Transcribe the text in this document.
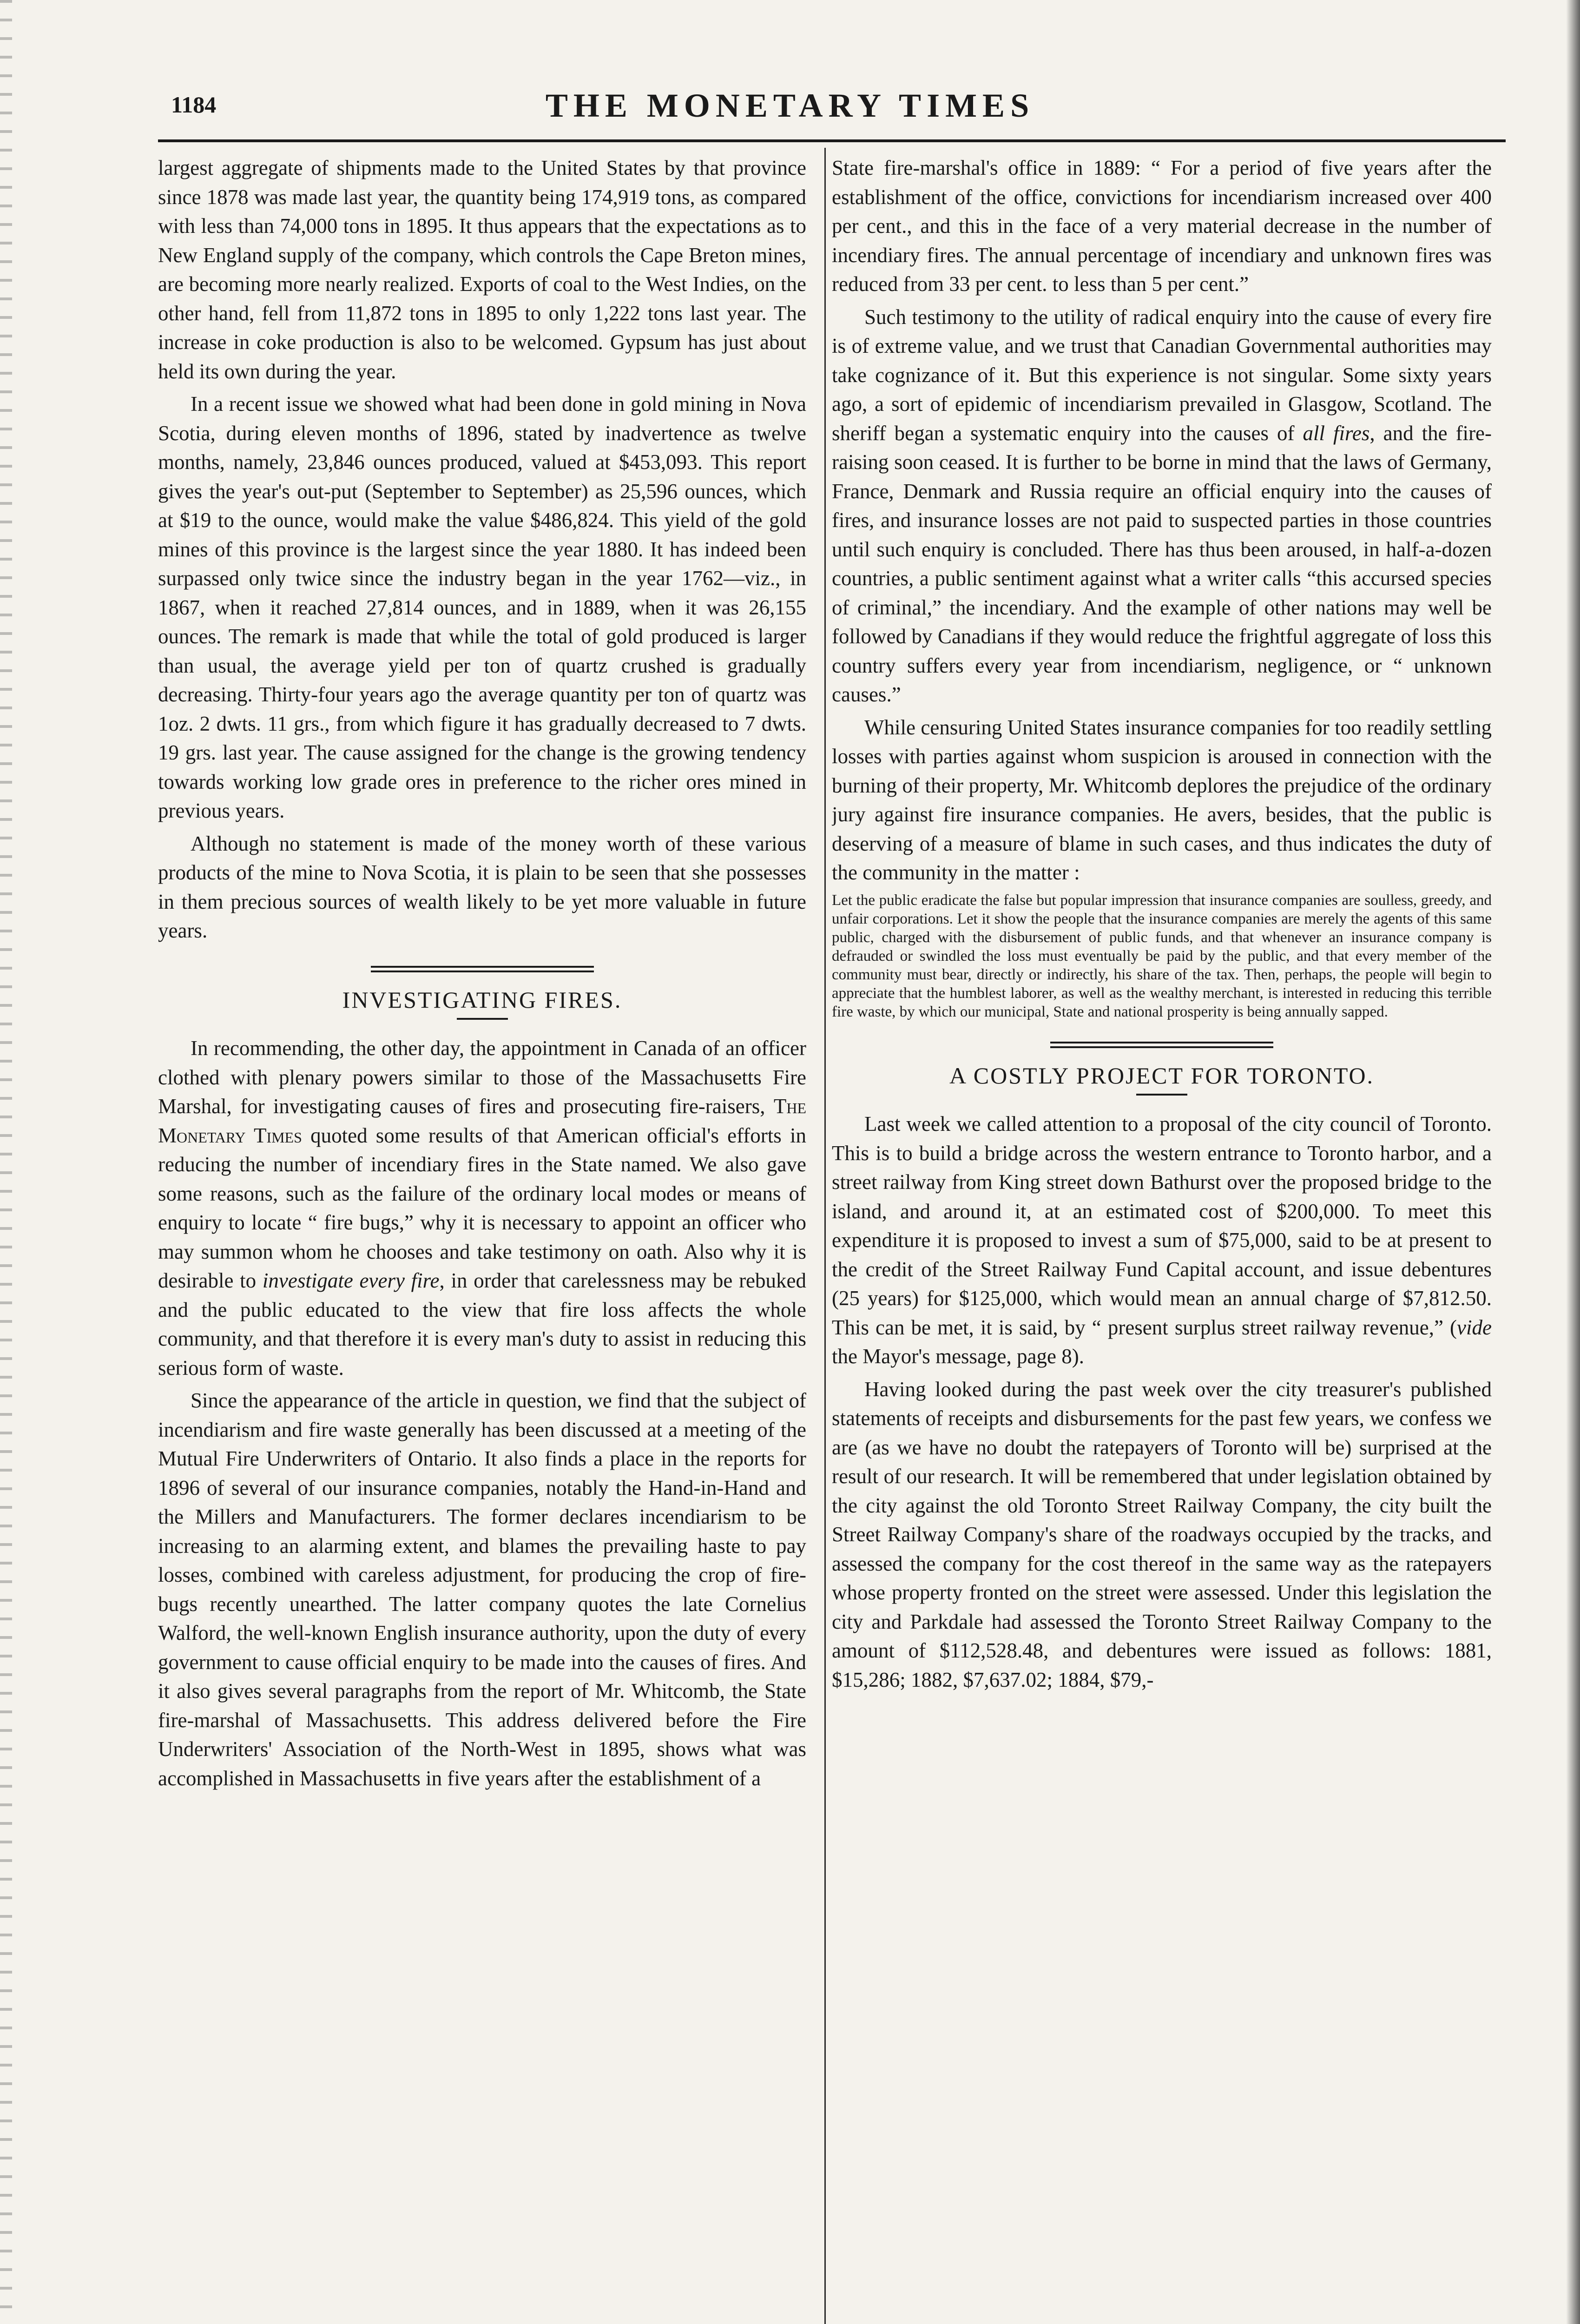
1184	THE MONETARY TIMES

largest aggregate of shipments made to the United States by that province since 1878 was made last year, the quantity being 174,919 tons, as compared with less than 74,000 tons in 1895. It thus appears that the expectations as to New England supply of the company, which controls the Cape Breton mines, are becoming more nearly realized. Exports of coal to the West Indies, on the other hand, fell from 11,872 tons in 1895 to only 1,222 tons last year. The increase in coke production is also to be welcomed. Gypsum has just about held its own during the year.

In a recent issue we showed what had been done in gold mining in Nova Scotia, during eleven months of 1896, stated by inadvertence as twelve months, namely, 23,846 ounces produced, valued at $453,093. This report gives the year's out-put (September to September) as 25,596 ounces, which at $19 to the ounce, would make the value $486,824. This yield of the gold mines of this province is the largest since the year 1880. It has indeed been surpassed only twice since the industry began in the year 1762—viz., in 1867, when it reached 27,814 ounces, and in 1889, when it was 26,155 ounces. The remark is made that while the total of gold produced is larger than usual, the average yield per ton of quartz crushed is gradually decreasing. Thirty-four years ago the average quantity per ton of quartz was 1oz. 2 dwts. 11 grs., from which figure it has gradually decreased to 7 dwts. 19 grs. last year. The cause assigned for the change is the growing tendency towards working low grade ores in preference to the richer ores mined in previous years.

Although no statement is made of the money worth of these various products of the mine to Nova Scotia, it is plain to be seen that she possesses in them precious sources of wealth likely to be yet more valuable in future years.

INVESTIGATING FIRES.

In recommending, the other day, the appointment in Canada of an officer clothed with plenary powers similar to those of the Massachusetts Fire Marshal, for investigating causes of fires and prosecuting fire-raisers, The Monetary Times quoted some results of that American official's efforts in reducing the number of incendiary fires in the State named. We also gave some reasons, such as the failure of the ordinary local modes or means of enquiry to locate “ fire bugs,” why it is necessary to appoint an officer who may summon whom he chooses and take testimony on oath. Also why it is desirable to investigate every fire, in order that carelessness may be rebuked and the public educated to the view that fire loss affects the whole community, and that therefore it is every man's duty to assist in reducing this serious form of waste.

Since the appearance of the article in question, we find that the subject of incendiarism and fire waste generally has been discussed at a meeting of the Mutual Fire Underwriters of Ontario. It also finds a place in the reports for 1896 of several of our insurance companies, notably the Hand-in-Hand and the Millers and Manufacturers. The former declares incendiarism to be increasing to an alarming extent, and blames the prevailing haste to pay losses, combined with careless adjustment, for producing the crop of fire-bugs recently unearthed. The latter company quotes the late Cornelius Walford, the well-known English insurance authority, upon the duty of every government to cause official enquiry to be made into the causes of fires. And it also gives several paragraphs from the report of Mr. Whitcomb, the State fire-marshal of Massachusetts. This address delivered before the Fire Underwriters' Association of the North-West in 1895, shows what was accomplished in Massachusetts in five years after the establishment of a

State fire-marshal's office in 1889: “ For a period of five years after the establishment of the office, convictions for incendiarism increased over 400 per cent., and this in the face of a very material decrease in the number of incendiary fires. The annual percentage of incendiary and unknown fires was reduced from 33 per cent. to less than 5 per cent.”

Such testimony to the utility of radical enquiry into the cause of every fire is of extreme value, and we trust that Canadian Governmental authorities may take cognizance of it. But this experience is not singular. Some sixty years ago, a sort of epidemic of incendiarism prevailed in Glasgow, Scotland. The sheriff began a systematic enquiry into the causes of all fires, and the fire-raising soon ceased. It is further to be borne in mind that the laws of Germany, France, Denmark and Russia require an official enquiry into the causes of fires, and insurance losses are not paid to suspected parties in those countries until such enquiry is concluded. There has thus been aroused, in half-a-dozen countries, a public sentiment against what a writer calls “this accursed species of criminal,” the incendiary. And the example of other nations may well be followed by Canadians if they would reduce the frightful aggregate of loss this country suffers every year from incendiarism, negligence, or “ unknown causes.”

While censuring United States insurance companies for too readily settling losses with parties against whom suspicion is aroused in connection with the burning of their property, Mr. Whitcomb deplores the prejudice of the ordinary jury against fire insurance companies. He avers, besides, that the public is deserving of a measure of blame in such cases, and thus indicates the duty of the community in the matter :

Let the public eradicate the false but popular impression that insurance companies are soulless, greedy, and unfair corporations. Let it show the people that the insurance companies are merely the agents of this same public, charged with the disbursement of public funds, and that whenever an insurance company is defrauded or swindled the loss must eventually be paid by the public, and that every member of the community must bear, directly or indirectly, his share of the tax. Then, perhaps, the people will begin to appreciate that the humblest laborer, as well as the wealthy merchant, is interested in reducing this terrible fire waste, by which our municipal, State and national prosperity is being annually sapped.

A COSTLY PROJECT FOR TORONTO.

Last week we called attention to a proposal of the city council of Toronto. This is to build a bridge across the western entrance to Toronto harbor, and a street railway from King street down Bathurst over the proposed bridge to the island, and around it, at an estimated cost of $200,000. To meet this expenditure it is proposed to invest a sum of $75,000, said to be at present to the credit of the Street Railway Fund Capital account, and issue debentures (25 years) for $125,000, which would mean an annual charge of $7,812.50. This can be met, it is said, by “ present surplus street railway revenue,” (vide the Mayor's message, page 8).

Having looked during the past week over the city treasurer's published statements of receipts and disbursements for the past few years, we confess we are (as we have no doubt the ratepayers of Toronto will be) surprised at the result of our research. It will be remembered that under legislation obtained by the city against the old Toronto Street Railway Company, the city built the Street Railway Company's share of the roadways occupied by the tracks, and assessed the company for the cost thereof in the same way as the ratepayers whose property fronted on the street were assessed. Under this legislation the city and Parkdale had assessed the Toronto Street Railway Company to the amount of $112,528.48, and debentures were issued as follows: 1881, $15,286; 1882, $7,637.02; 1884, $79,-
